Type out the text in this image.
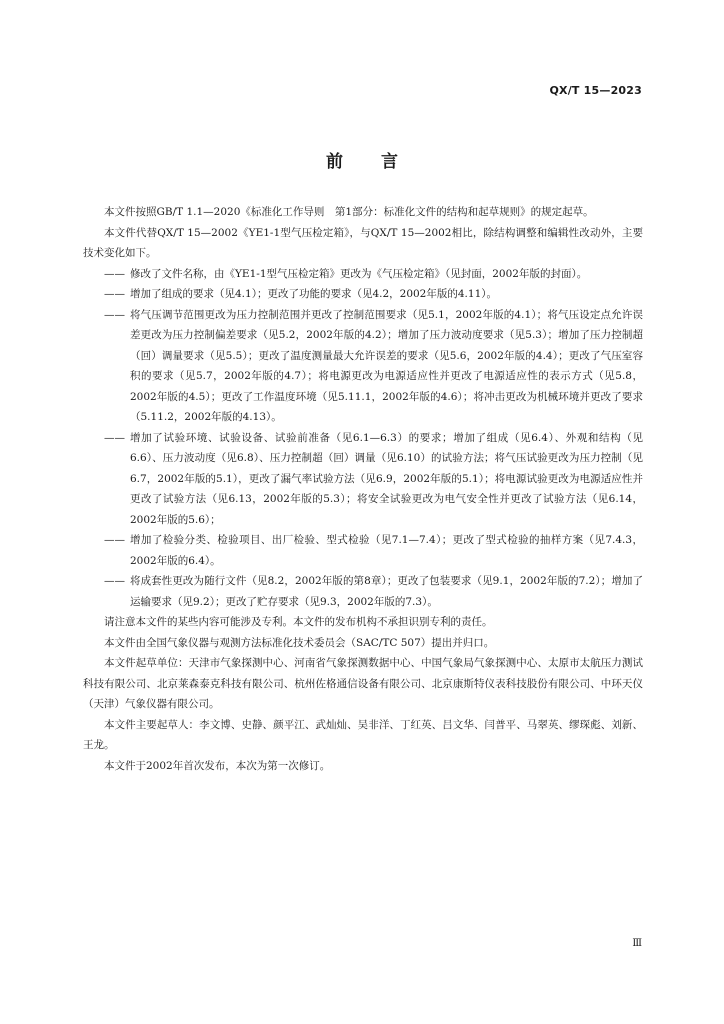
QX/T 15—2023
前言

本文件按照GB/T 1.1—2020《标准化工作导则　第1部分：标准化文件的结构和起草规则》的规定起草。

本文件代替QX/T 15—2002《YE1-1型气压检定箱》，与QX/T 15—2002相比，除结构调整和编辑性改动外，主要技术变化如下。

—— 修改了文件名称，由《YE1-1型气压检定箱》更改为《气压检定箱》（见封面，2002年版的封面）。

—— 增加了组成的要求（见4.1）；更改了功能的要求（见4.2，2002年版的4.11）。

—— 将气压调节范围更改为压力控制范围并更改了控制范围要求（见5.1，2002年版的4.1）；将气压设定点允许误差更改为压力控制偏差要求（见5.2，2002年版的4.2）；增加了压力波动度要求（见5.3）；增加了压力控制超（回）调量要求（见5.5）；更改了温度测量最大允许误差的要求（见5.6，2002年版的4.4）；更改了气压室容积的要求（见5.7，2002年版的4.7）；将电源更改为电源适应性并更改了电源适应性的表示方式（见5.8，2002年版的4.5）；更改了工作温度环境（见5.11.1，2002年版的4.6）；将冲击更改为机械环境并更改了要求（5.11.2，2002年版的4.13）。

—— 增加了试验环境、试验设备、试验前准备（见6.1—6.3）的要求；增加了组成（见6.4）、外观和结构（见6.6）、压力波动度（见6.8）、压力控制超（回）调量（见6.10）的试验方法；将气压试验更改为压力控制（见6.7，2002年版的5.1），更改了漏气率试验方法（见6.9，2002年版的5.1）；将电源试验更改为电源适应性并更改了试验方法（见6.13，2002年版的5.3）；将安全试验更改为电气安全性并更改了试验方法（见6.14，2002年版的5.6）；

—— 增加了检验分类、检验项目、出厂检验、型式检验（见7.1—7.4）；更改了型式检验的抽样方案（见7.4.3，2002年版的6.4）。

—— 将成套性更改为随行文件（见8.2，2002年版的第8章）；更改了包装要求（见9.1，2002年版的7.2）；增加了运输要求（见9.2）；更改了贮存要求（见9.3，2002年版的7.3）。

请注意本文件的某些内容可能涉及专利。本文件的发布机构不承担识别专利的责任。

本文件由全国气象仪器与观测方法标准化技术委员会（SAC/TC 507）提出并归口。

本文件起草单位：天津市气象探测中心、河南省气象探测数据中心、中国气象局气象探测中心、太原市太航压力测试科技有限公司、北京莱森泰克科技有限公司、杭州佐格通信设备有限公司、北京康斯特仪表科技股份有限公司、中环天仪（天津）气象仪器有限公司。

本文件主要起草人：李文博、史静、颜平江、武灿灿、吴非洋、丁红英、吕文华、闫普平、马翠英、缪琛彪、刘新、王龙。

本文件于2002年首次发布，本次为第一次修订。

Ⅲ
